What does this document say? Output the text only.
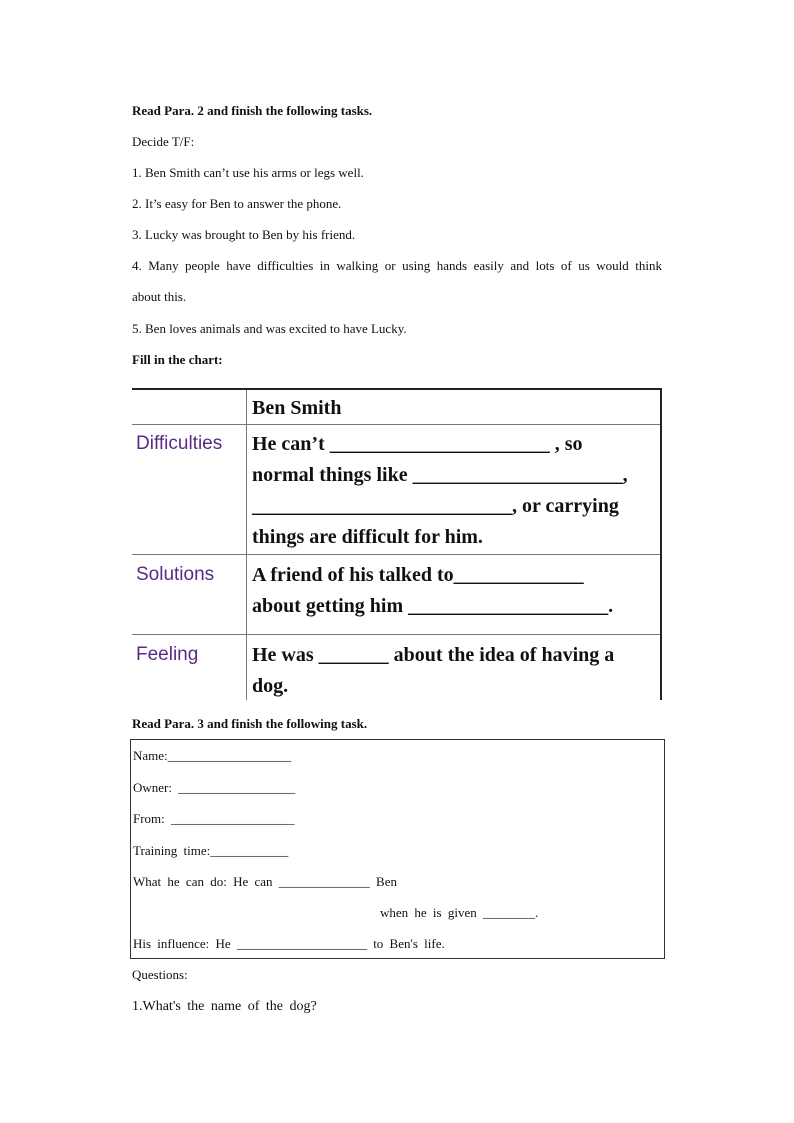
Read Para. 2 and finish the following tasks.
Decide T/F:
1. Ben Smith can’t use his arms or legs well.
2. It’s easy for Ben to answer the phone.
3. Lucky was brought to Ben by his friend.
4. Many people have difficulties in walking or using hands easily and lots of us would think
about this.
5. Ben loves animals and was excited to have Lucky.
Fill in the chart:
Ben Smith
Difficulties He can’t ______________________ , so
normal things like _____________________,
__________________________, or carrying
things are difficult for him.
Solutions A friend of his talked to_____________
about getting him ____________________.
Feeling	He was _______ about the idea of having a
dog.
Read Para. 3 and finish the following task.
Name:___________________
Owner: __________________
From: ___________________
Training time:____________
What he can do: He can ______________ Ben
when he is given ________.
His influence: He ____________________ to Ben's life.
Questions:
1.What's the name of the dog?
